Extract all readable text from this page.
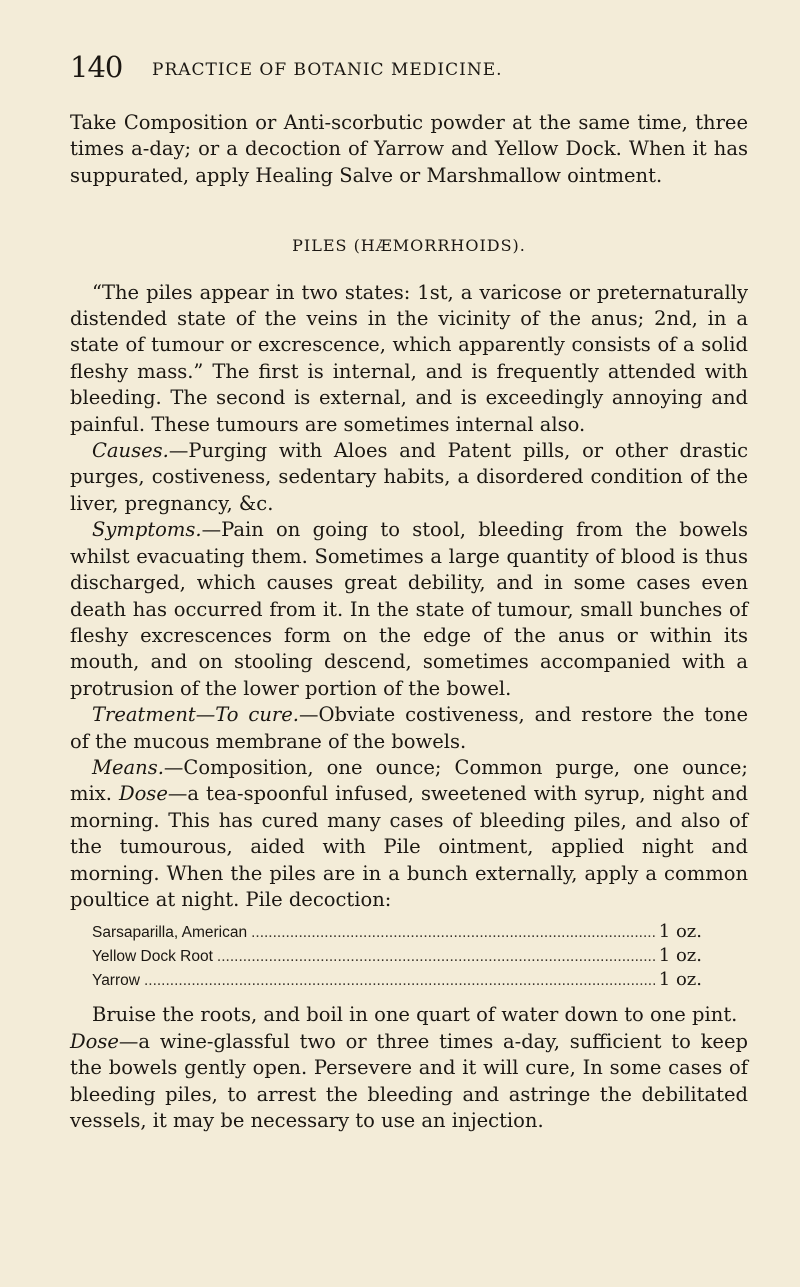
140 PRACTICE OF BOTANIC MEDICINE.

Take Composition or Anti-scorbutic powder at the same time, three times a-day; or a decoction of Yarrow and Yellow Dock. When it has suppurated, apply Healing Salve or Marshmallow ointment.

PILES (HÆMORRHOIDS).

“The piles appear in two states: 1st, a varicose or preternaturally distended state of the veins in the vicinity of the anus; 2nd, in a state of tumour or excrescence, which apparently consists of a solid fleshy mass.” The first is internal, and is frequently attended with bleeding. The second is external, and is exceedingly annoying and painful. These tumours are sometimes internal also.

Causes.—Purging with Aloes and Patent pills, or other drastic purges, costiveness, sedentary habits, a disordered condition of the liver, pregnancy, &c.

Symptoms.—Pain on going to stool, bleeding from the bowels whilst evacuating them. Sometimes a large quantity of blood is thus discharged, which causes great debility, and in some cases even death has occurred from it. In the state of tumour, small bunches of fleshy excrescences form on the edge of the anus or within its mouth, and on stooling descend, sometimes accompanied with a protrusion of the lower portion of the bowel.

Treatment—To cure.—Obviate costiveness, and restore the tone of the mucous membrane of the bowels.

Means.—Composition, one ounce; Common purge, one ounce; mix. Dose—a tea-spoonful infused, sweetened with syrup, night and morning. This has cured many cases of bleeding piles, and also of the tumourous, aided with Pile ointment, applied night and morning. When the piles are in a bunch externally, apply a common poultice at night. Pile decoction:

Sarsaparilla, American .....	1 oz.
Yellow Dock Root .....	1 oz.
Yarrow .....	1 oz.

Bruise the roots, and boil in one quart of water down to one pint.

Dose—a wine-glassful two or three times a-day, sufficient to keep the bowels gently open. Persevere and it will cure, In some cases of bleeding piles, to arrest the bleeding and astringe the debilitated vessels, it may be necessary to use an injection.
